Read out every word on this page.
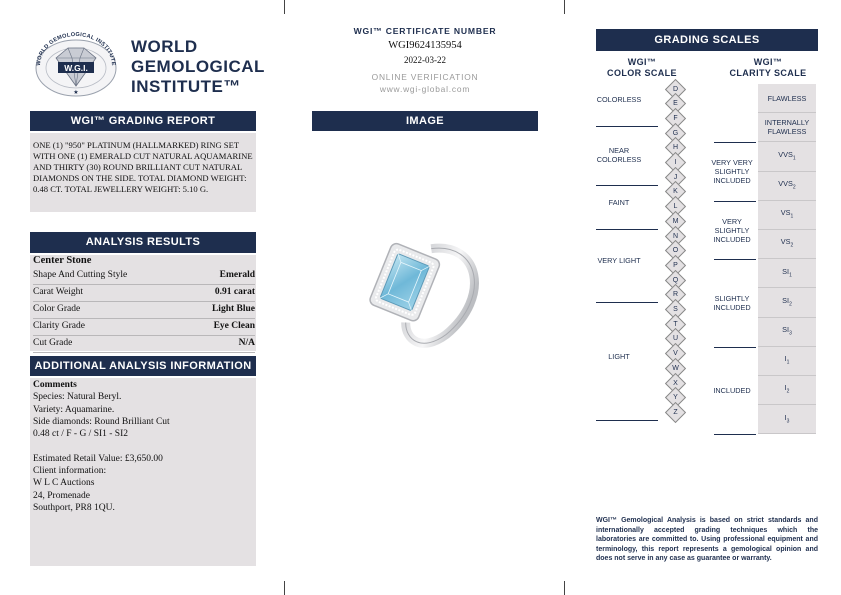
W.G.I.
WORLD GEMOLOGICAL INSTITUTE
★
WORLD
GEMOLOGICAL
INSTITUTE™
WGI™ GRADING REPORT
ONE (1) "950" PLATINUM (HALLMARKED) RING SET WITH ONE (1) EMERALD CUT NATURAL AQUAMARINE AND THIRTY (30) ROUND BRILLIANT CUT NATURAL DIAMONDS ON THE SIDE. TOTAL DIAMOND WEIGHT: 0.48 CT. TOTAL JEWELLERY WEIGHT: 5.10 G.
ANALYSIS RESULTS
Center Stone
Shape And Cutting Style	Emerald
Carat Weight	0.91 carat
Color Grade	Light Blue
Clarity Grade	Eye Clean
Cut Grade	N/A
ADDITIONAL ANALYSIS INFORMATION
Comments
Species: Natural Beryl.
Variety: Aquamarine.
Side diamonds: Round Brilliant Cut
0.48 ct / F - G / SI1 - SI2
Estimated Retail Value: £3,650.00
Client information:
W L C Auctions
24, Promenade
Southport, PR8 1QU.
WGI™ CERTIFICATE NUMBER
WGI9624135954
2022-03-22
ONLINE VERIFICATION
www.wgi-global.com
IMAGE
GRADING SCALES
WGI™
COLOR SCALE
WGI™
CLARITY SCALE
D
E
F
G
H
I
J
K
L
M
N
O
P
Q
R
S
T
U
V
W
X
Y
Z
COLORLESS
NEAR COLORLESS
FAINT
VERY LIGHT
LIGHT
FLAWLESS
INTERNALLY FLAWLESS
$VVS_1$
$VVS_2$
$VS_1$
$VS_2$
$SI_1$
$SI_2$
$SI_3$
$I_1$
$I_2$
$I_3$
VERY VERY SLIGHTLY INCLUDED
VERY SLIGHTLY INCLUDED
SLIGHTLY INCLUDED
INCLUDED
WGI™ Gemological Analysis is based on strict standards and internationally accepted grading techniques which the laboratories are committed to. Using professional equipment and terminology, this report represents a gemological opinion and does not serve in any case as guarantee or warranty.
